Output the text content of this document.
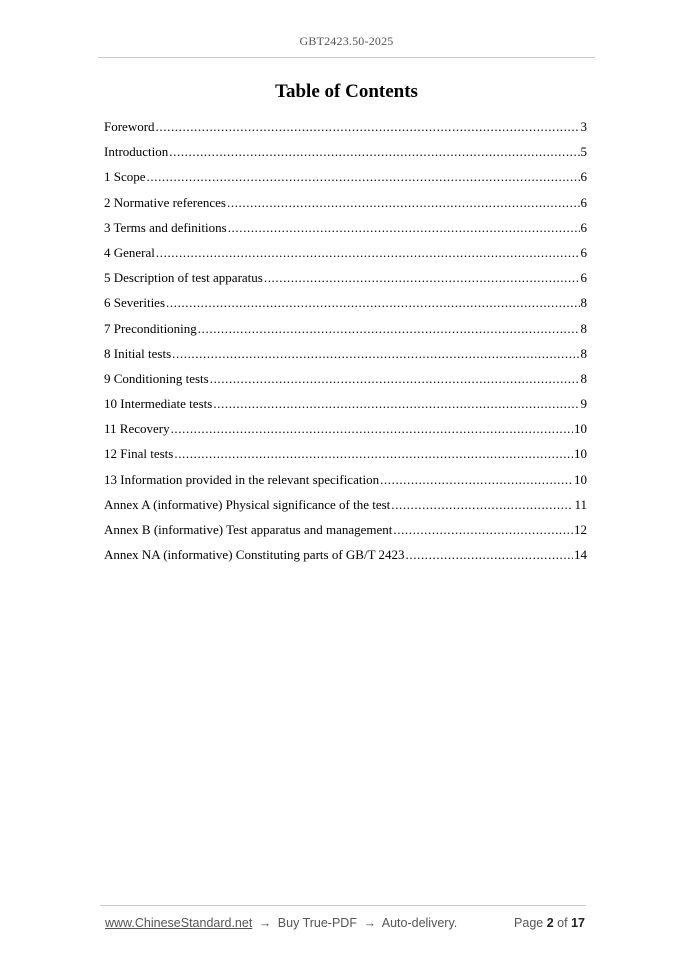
GBT2423.50-2025
Table of Contents
Foreword .....	3
Introduction .....	5
1 Scope .....	6
2 Normative references .....	6
3 Terms and definitions .....	6
4 General .....	6
5 Description of test apparatus .....	6
6 Severities .....	8
7 Preconditioning .....	8
8 Initial tests .....	8
9 Conditioning tests .....	8
10 Intermediate tests .....	9
11 Recovery .....	10
12 Final tests .....	10
13 Information provided in the relevant specification .....	10
Annex A (informative) Physical significance of the test .....	11
Annex B (informative) Test apparatus and management .....	12
Annex NA (informative) Constituting parts of GB/T 2423 .....	14
www.ChineseStandard.net → Buy True-PDF → Auto-delivery.	Page 2 of 17
